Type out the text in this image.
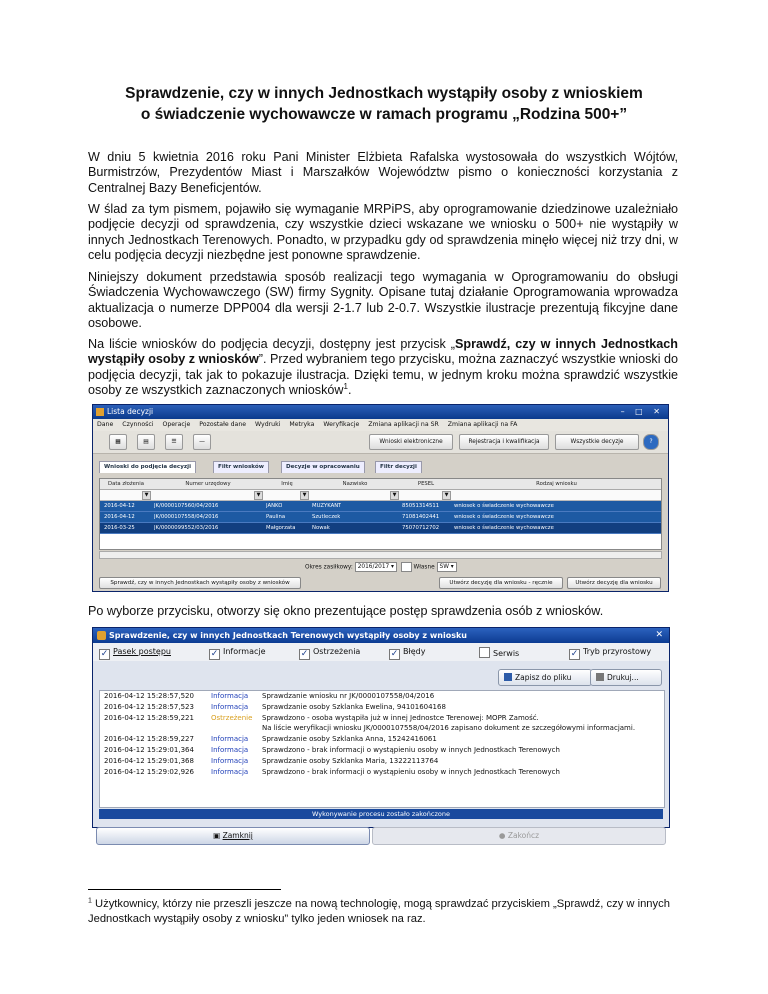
Sprawdzenie, czy w innych Jednostkach wystąpiły osoby z wnioskiem
o świadczenie wychowawcze w ramach programu „Rodzina 500+”

W dniu 5 kwietnia 2016 roku Pani Minister Elżbieta Rafalska wystosowała do wszystkich Wójtów, Burmistrzów, Prezydentów Miast i Marszałków Województw pismo o konieczności korzystania z Centralnej Bazy Beneficjentów.

W ślad za tym pismem, pojawiło się wymaganie MRPiPS, aby oprogramowanie dziedzinowe uzależniało podjęcie decyzji od sprawdzenia, czy wszystkie dzieci wskazane we wniosku o 500+ nie wystąpiły w innych Jednostkach Terenowych. Ponadto, w przypadku gdy od sprawdzenia minęło więcej niż trzy dni, w celu podjęcia decyzji niezbędne jest ponowne sprawdzenie.

Niniejszy dokument przedstawia sposób realizacji tego wymagania w Oprogramowaniu do obsługi Świadczenia Wychowawczego (SW) firmy Sygnity. Opisane tutaj działanie Oprogramowania wprowadza aktualizacja o numerze DPP004 dla wersji 2-1.7 lub 2-0.7. Wszystkie ilustracje prezentują fikcyjne dane osobowe.

Na liście wniosków do podjęcia decyzji, dostępny jest przycisk „Sprawdź, czy w innych Jednostkach wystąpiły osoby z wniosków”. Przed wybraniem tego przycisku, można zaznaczyć wszystkie wnioski do podjęcia decyzji, tak jak to pokazuje ilustracja. Dzięki temu, w jednym kroku można sprawdzić wszystkie osoby ze wszystkich zaznaczonych wniosków$^1$.

Lista decyzji	– □ ✕
Dane Czynności Operacje Pozostałe dane Wydruki Metryka Weryfikacje Zmiana aplikacji na SR Zmiana aplikacji na FA
▦	▤	☰	—	Wnioski elektroniczne	Rejestracja i kwalifikacja	Wszystkie decyzje	?
Wnioski do podjęcia decyzji	Filtr wniosków	Decyzje w opracowaniu	Filtr decyzji
Data złożenia	Numer urzędowy	Imię	Nazwisko	PESEL	Rodzaj wniosku
▼	▼	▼	▼	▼
2016-04-12	JK/0000107560/04/2016	JANKO	MUZYKANT	85051314511	wniosek o świadczenie wychowawcze
2016-04-12	JK/0000107558/04/2016	Paulina	Szutleczek	71081402441	wniosek o świadczenie wychowawcze
2016-03-25	JK/0000099552/03/2016	Małgorzata	Nowak	75070712702	wniosek o świadczenie wychowawcze
Okres zasiłkowy: 2016/2017 ▾	Własne SW ▾
Sprawdź, czy w innych Jednostkach wystąpiły osoby z wniosków	Utwórz decyzję dla wniosku - ręcznie	Utwórz decyzję dla wniosku

Po wyborze przycisku, otworzy się okno prezentujące postęp sprawdzenia osób z wniosków.

Sprawdzenie, czy w innych Jednostkach Terenowych wystąpiły osoby z wniosku	✕
✓ Pasek postępu	✓ Informacje	✓ Ostrzeżenia	✓ Błędy	Serwis	✓ Tryb przyrostowy
Zapisz do pliku	Drukuj...
2016-04-12 15:28:57,520 Informacja Sprawdzanie wniosku nr JK/0000107558/04/2016
2016-04-12 15:28:57,523 Informacja Sprawdzanie osoby Szklanka Ewelina, 94101604168
2016-04-12 15:28:59,221 Ostrzeżenie Sprawdzono - osoba wystąpiła już w innej Jednostce Terenowej: MOPR Zamość.
Na liście weryfikacji wniosku JK/0000107558/04/2016 zapisano dokument ze szczegółowymi informacjami.
2016-04-12 15:28:59,227 Informacja Sprawdzanie osoby Szklanka Anna, 15242416061
2016-04-12 15:29:01,364 Informacja Sprawdzono - brak informacji o wystąpieniu osoby w innych Jednostkach Terenowych
2016-04-12 15:29:01,368 Informacja Sprawdzanie osoby Szklanka Maria, 13222113764
2016-04-12 15:29:02,926 Informacja Sprawdzono - brak informacji o wystąpieniu osoby w innych Jednostkach Terenowych
Wykonywanie procesu zostało zakończone
▣ Zamknij	● Zakończ
$^1$ Użytkownicy, którzy nie przeszli jeszcze na nową technologię, mogą sprawdzać przyciskiem „Sprawdź, czy w innych Jednostkach wystąpiły osoby z wniosku” tylko jeden wniosek na raz.
